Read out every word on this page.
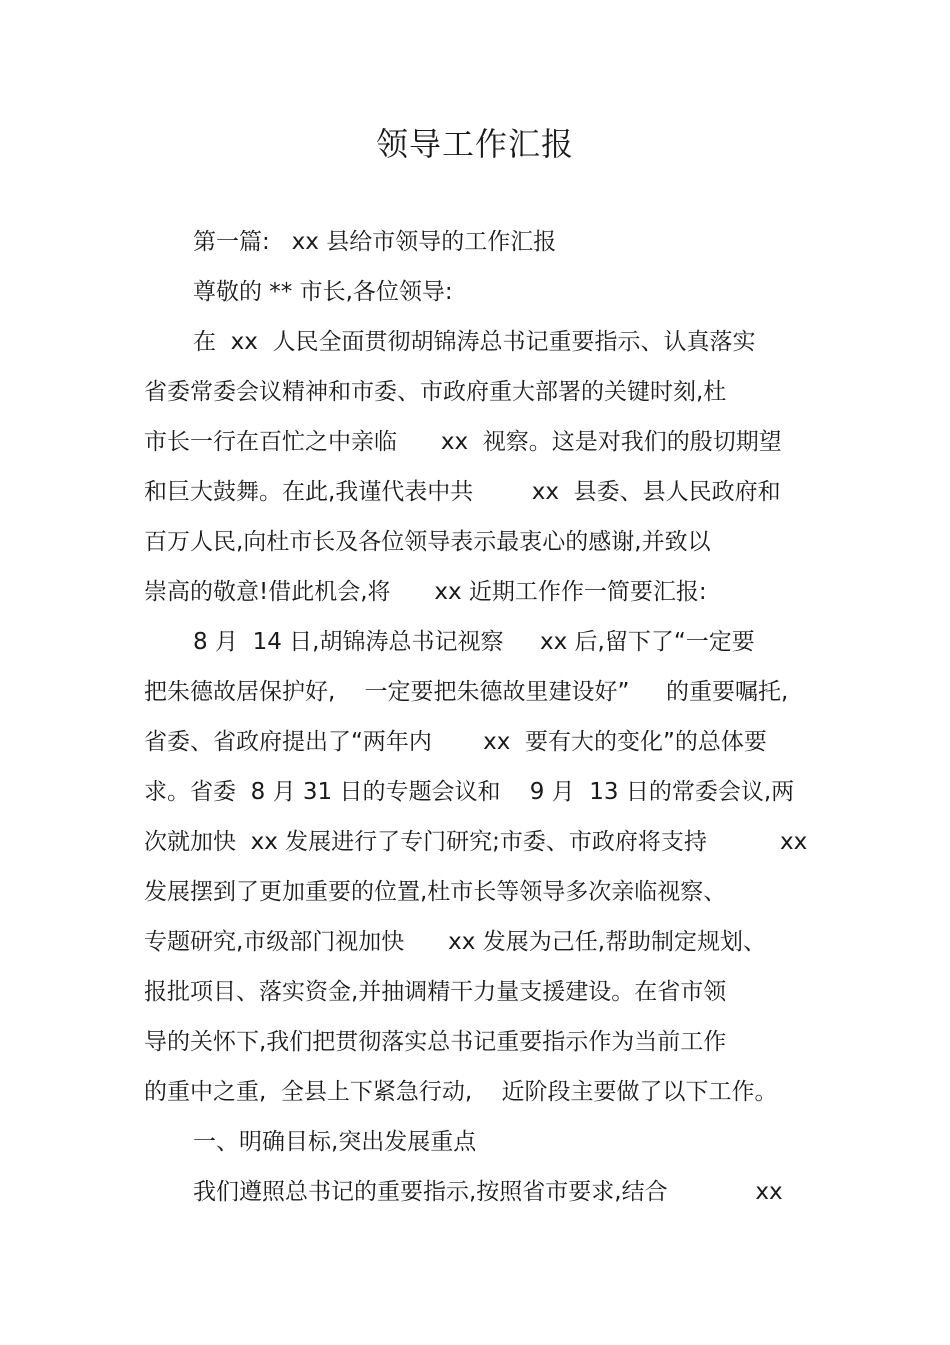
领导工作汇报
第一篇:   xx 县给市领导的工作汇报
尊敬的 ** 市长,各位领导:
在  xx  人民全面贯彻胡锦涛总书记重要指示、认真落实
省委常委会议精神和市委、市政府重大部署的关键时刻,杜
市长一行在百忙之中亲临      xx  视察。这是对我们的殷切期望
和巨大鼓舞。在此,我谨代表中共        xx  县委、县人民政府和
百万人民,向杜市长及各位领导表示最衷心的感谢,并致以
崇高的敬意!借此机会,将      xx 近期工作作一简要汇报:
8 月  14 日,胡锦涛总书记视察     xx 后,留下了“一定要
把朱德故居保护好,    一定要把朱德故里建设好”     的重要嘱托,
省委、省政府提出了“两年内       xx  要有大的变化”的总体要
求。省委  8 月 31 日的专题会议和    9 月  13 日的常委会议,两
次就加快  xx 发展进行了专门研究;市委、市政府将支持          xx
发展摆到了更加重要的位置,杜市长等领导多次亲临视察、
专题研究,市级部门视加快      xx 发展为己任,帮助制定规划、
报批项目、落实资金,并抽调精干力量支援建设。在省市领
导的关怀下,我们把贯彻落实总书记重要指示作为当前工作
的重中之重,  全县上下紧急行动,    近阶段主要做了以下工作。
一、明确目标,突出发展重点
我们遵照总书记的重要指示,按照省市要求,结合            xx
